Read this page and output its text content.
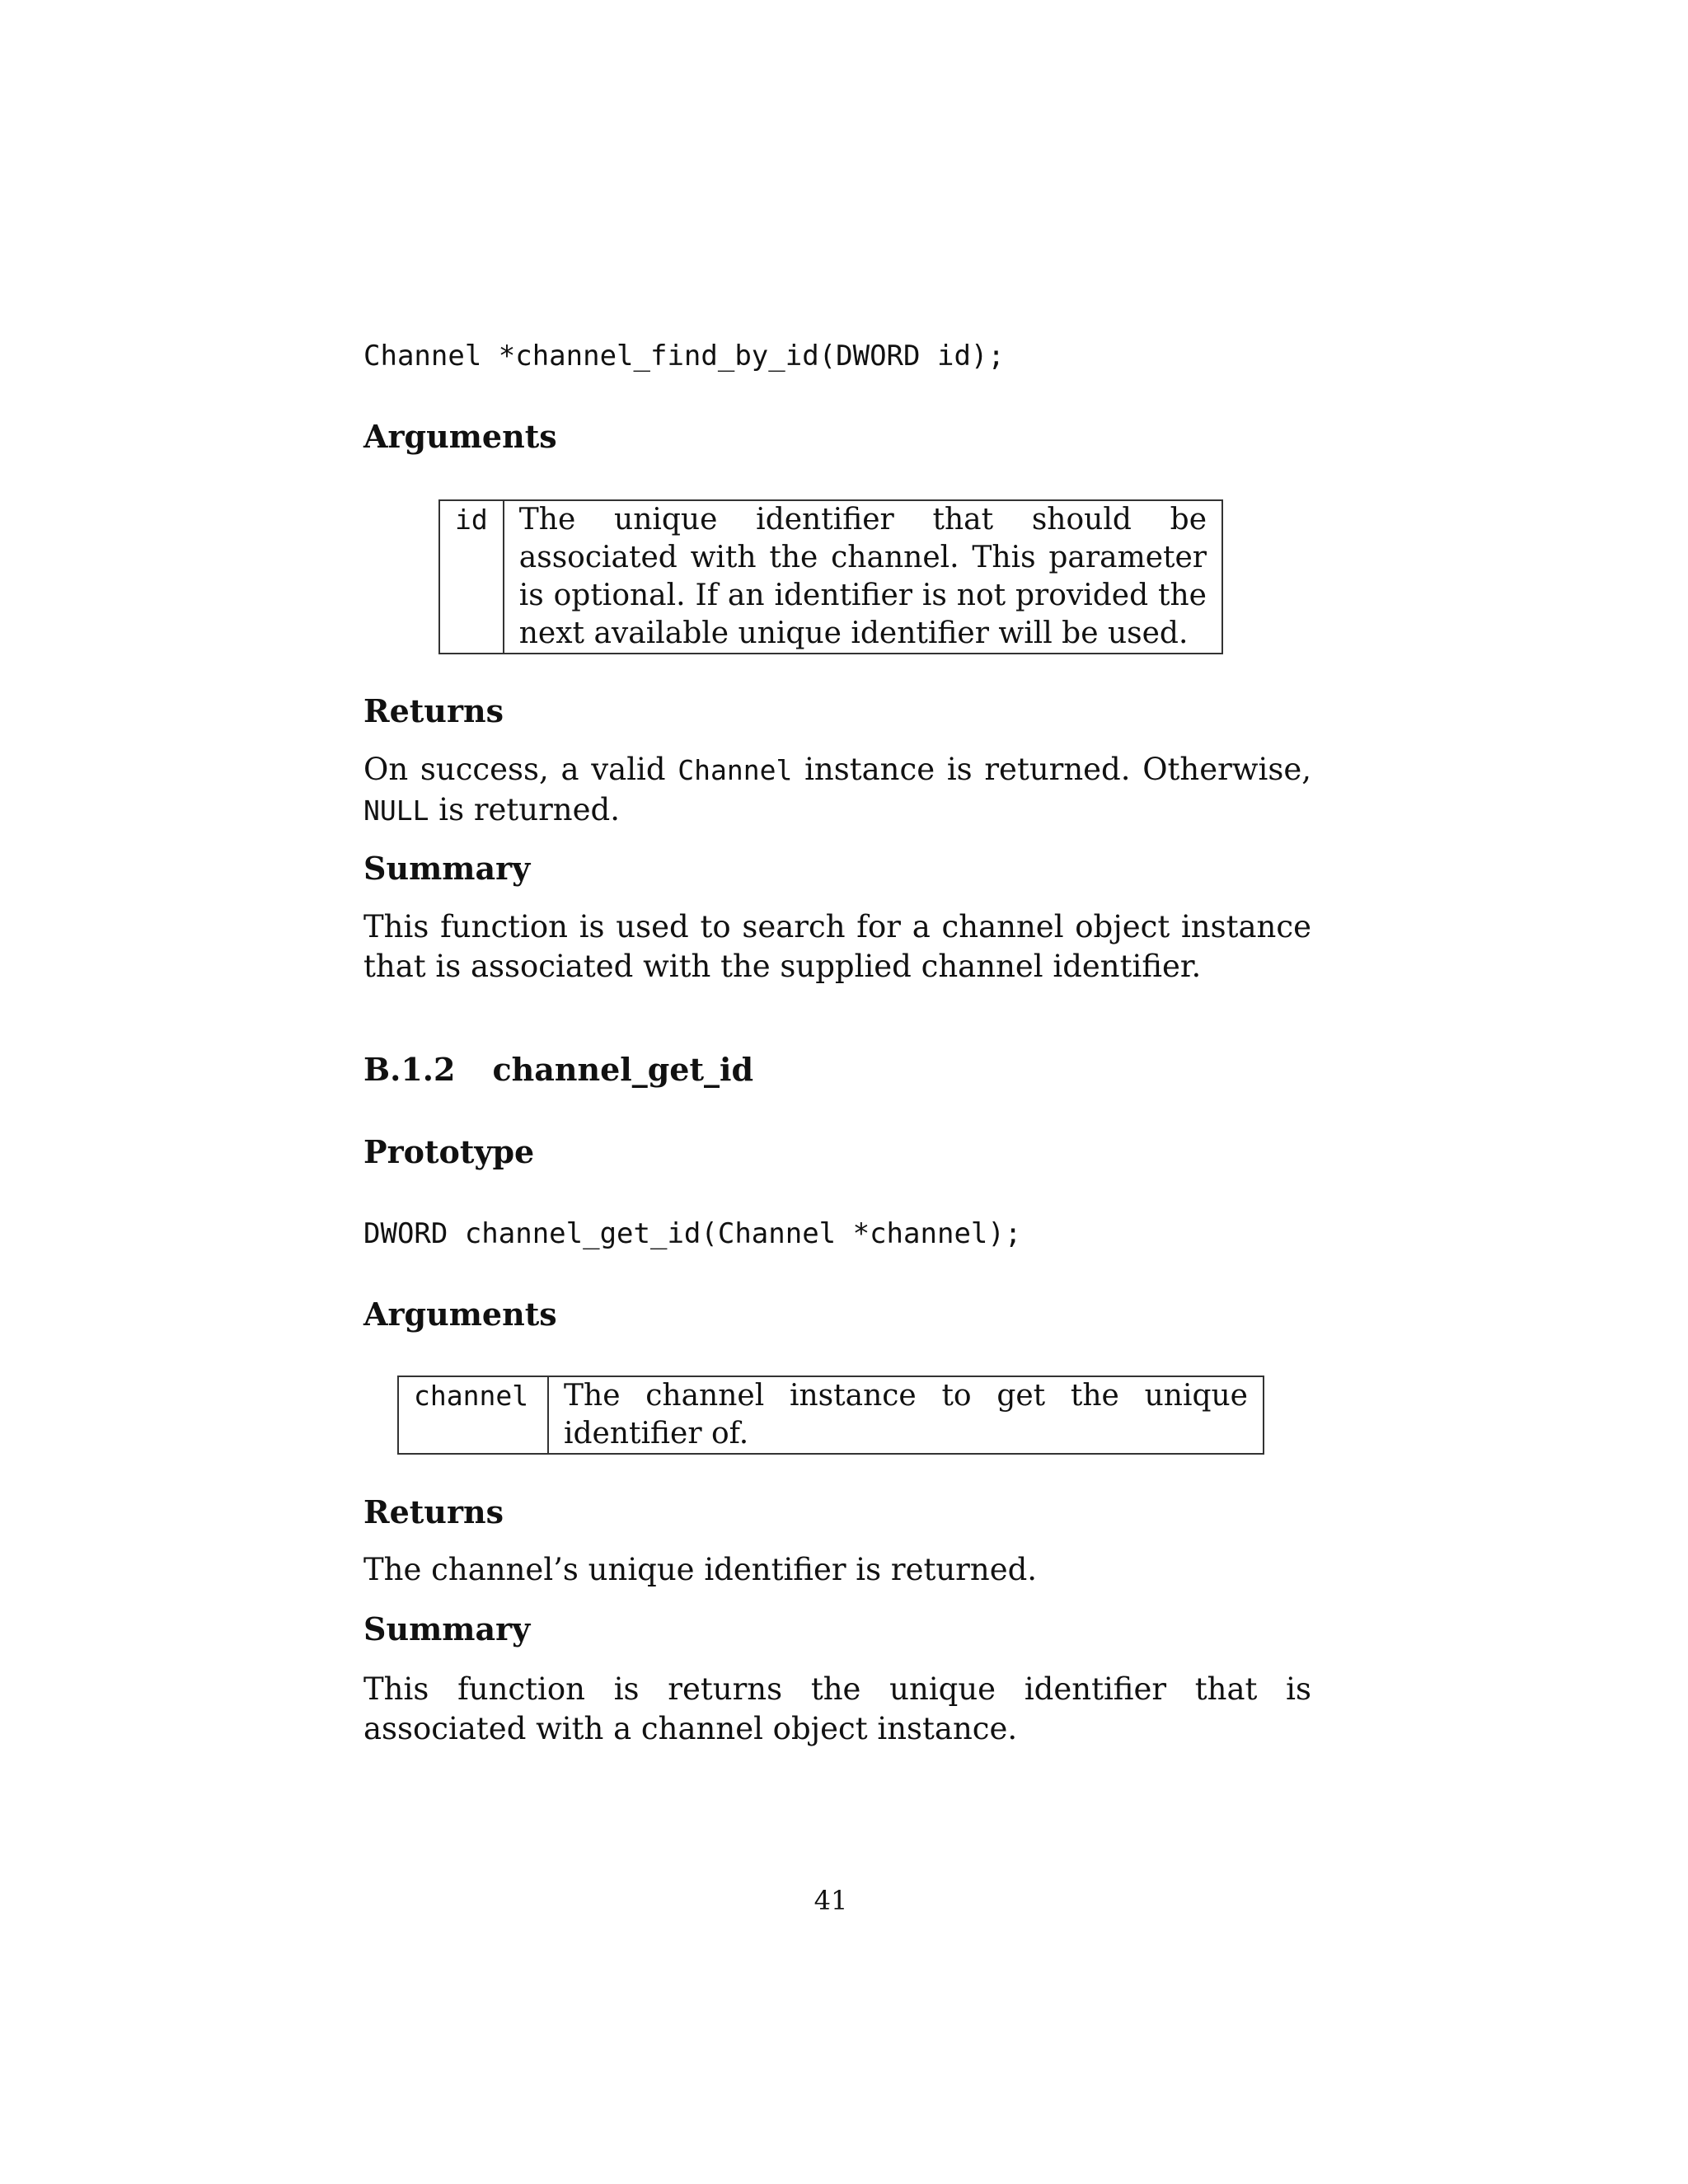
Channel *channel_find_by_id(DWORD id);
Arguments
id	The unique identifier that should be associated with the channel. This parameter is optional. If an identifier is not provided the next available unique identifier will be used.
Returns
On success, a valid Channel instance is returned. Otherwise, NULL is returned.
Summary
This function is used to search for a channel object instance that is associated with the supplied channel identifier.
B.1.2 channel_get_id
Prototype
DWORD channel_get_id(Channel *channel);
Arguments
channel	The channel instance to get the unique identifier of.
Returns
The channel’s unique identifier is returned.
Summary
This function is returns the unique identifier that is associated with a channel object instance.
41
